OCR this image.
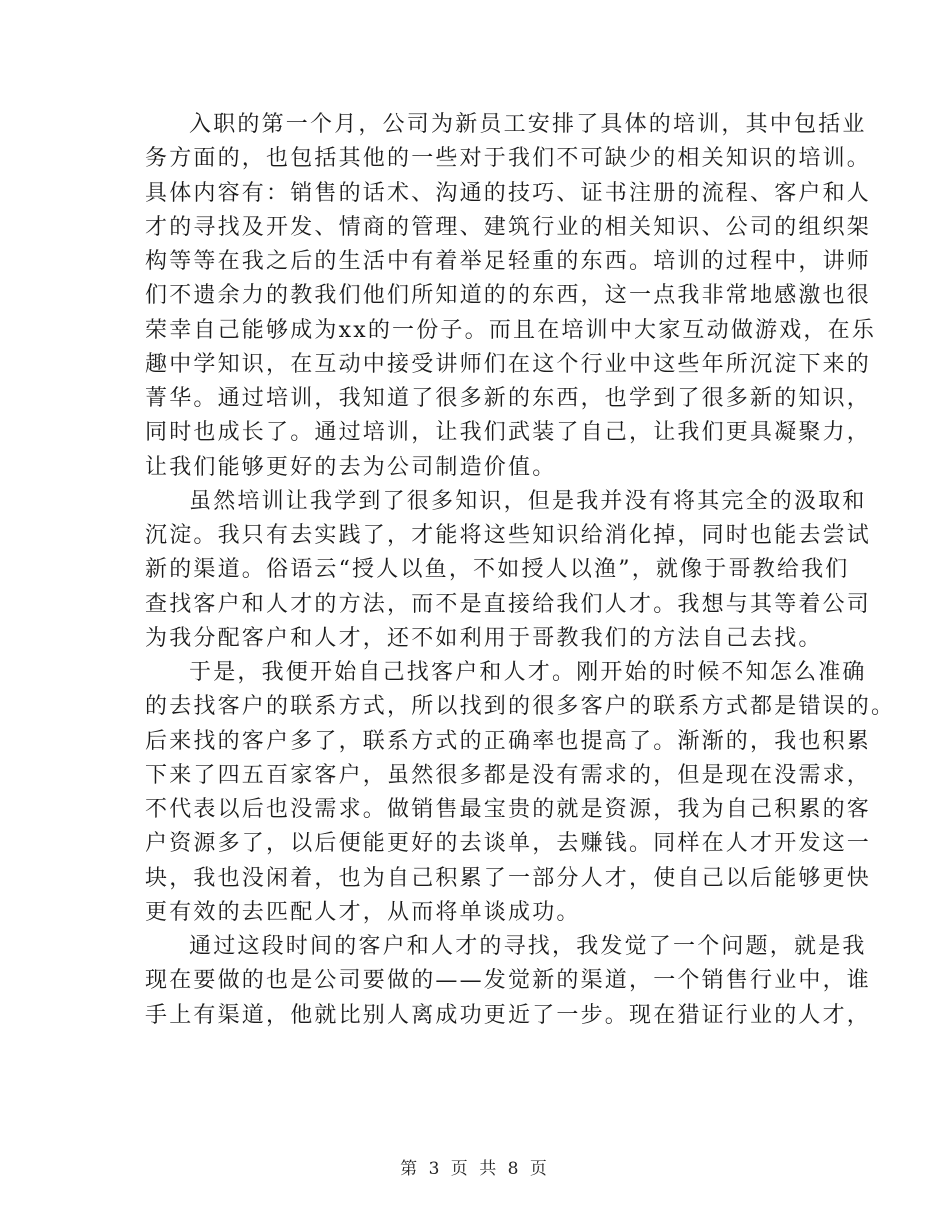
入职的第一个月，公司为新员工安排了具体的培训，其中包括业
务方面的，也包括其他的一些对于我们不可缺少的相关知识的培训。
具体内容有：销售的话术、沟通的技巧、证书注册的流程、客户和人
才的寻找及开发、情商的管理、建筑行业的相关知识、公司的组织架
构等等在我之后的生活中有着举足轻重的东西。培训的过程中，讲师
们不遗余力的教我们他们所知道的的东西，这一点我非常地感激也很
荣幸自己能够成为xx的一份子。而且在培训中大家互动做游戏，在乐
趣中学知识，在互动中接受讲师们在这个行业中这些年所沉淀下来的
菁华。通过培训，我知道了很多新的东西，也学到了很多新的知识，
同时也成长了。通过培训，让我们武装了自己，让我们更具凝聚力，
让我们能够更好的去为公司制造价值。
虽然培训让我学到了很多知识，但是我并没有将其完全的汲取和
沉淀。我只有去实践了，才能将这些知识给消化掉，同时也能去尝试
新的渠道。俗语云“授人以鱼，不如授人以渔”，就像于哥教给我们
查找客户和人才的方法，而不是直接给我们人才。我想与其等着公司
为我分配客户和人才，还不如利用于哥教我们的方法自己去找。
于是，我便开始自己找客户和人才。刚开始的时候不知怎么准确
的去找客户的联系方式，所以找到的很多客户的联系方式都是错误的。
后来找的客户多了，联系方式的正确率也提高了。渐渐的，我也积累
下来了四五百家客户，虽然很多都是没有需求的，但是现在没需求，
不代表以后也没需求。做销售最宝贵的就是资源，我为自己积累的客
户资源多了，以后便能更好的去谈单，去赚钱。同样在人才开发这一
块，我也没闲着，也为自己积累了一部分人才，使自己以后能够更快
更有效的去匹配人才，从而将单谈成功。
通过这段时间的客户和人才的寻找，我发觉了一个问题，就是我
现在要做的也是公司要做的——发觉新的渠道，一个销售行业中，谁
手上有渠道，他就比别人离成功更近了一步。现在猎证行业的人才，
第 3 页 共 8 页
